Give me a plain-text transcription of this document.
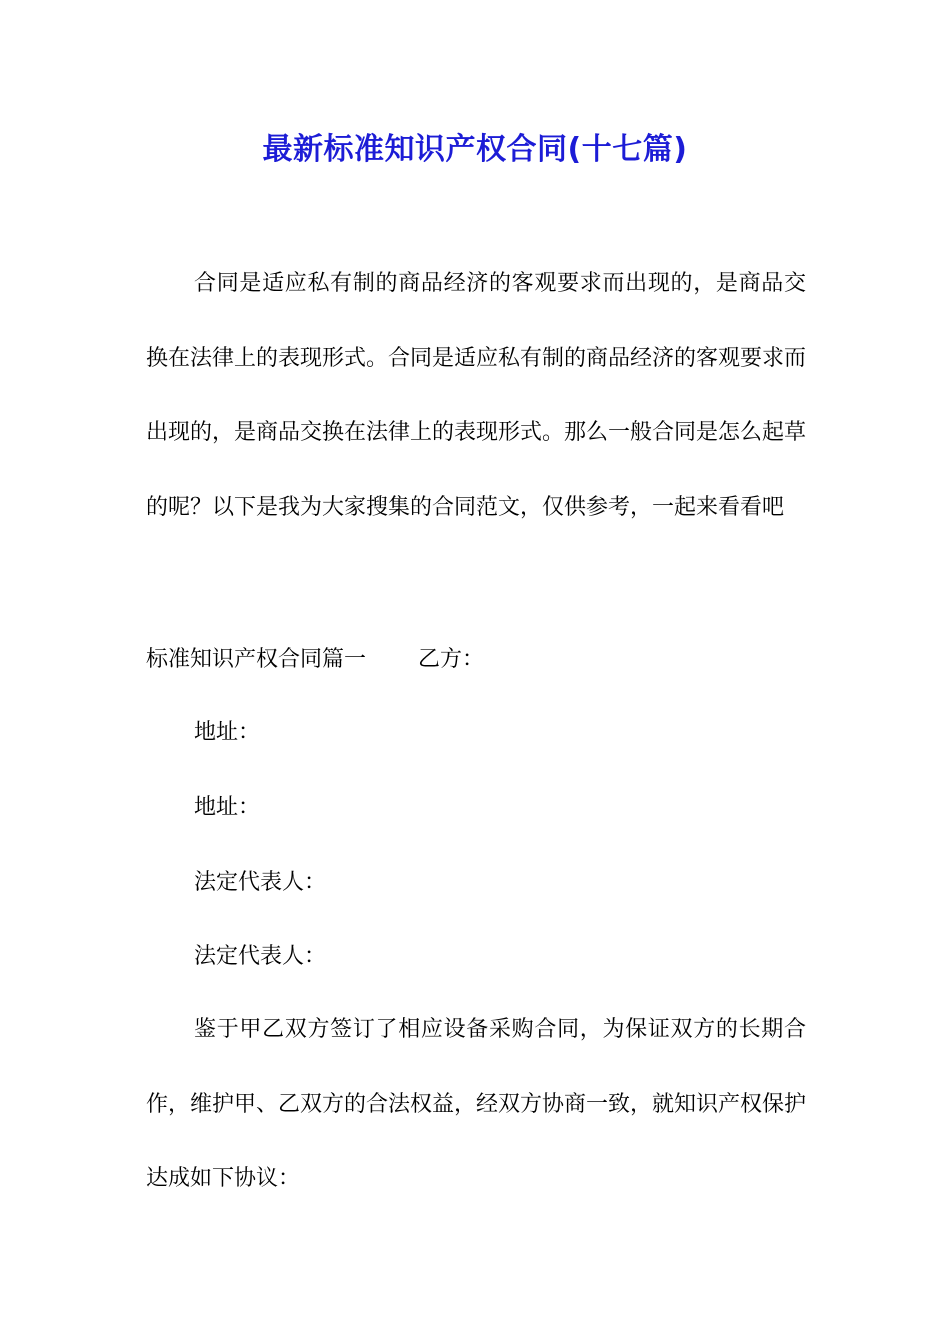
最新标准知识产权合同(十七篇)

合同是适应私有制的商品经济的客观要求而出现的，是商品交换在法律上的表现形式。合同是适应私有制的商品经济的客观要求而出现的，是商品交换在法律上的表现形式。那么一般合同是怎么起草的呢？以下是我为大家搜集的合同范文，仅供参考，一起来看看吧

标准知识产权合同篇一 乙方：
地址：
地址：
法定代表人：
法定代表人：

鉴于甲乙双方签订了相应设备采购合同，为保证双方的长期合作，维护甲、乙双方的合法权益，经双方协商一致，就知识产权保护达成如下协议：
